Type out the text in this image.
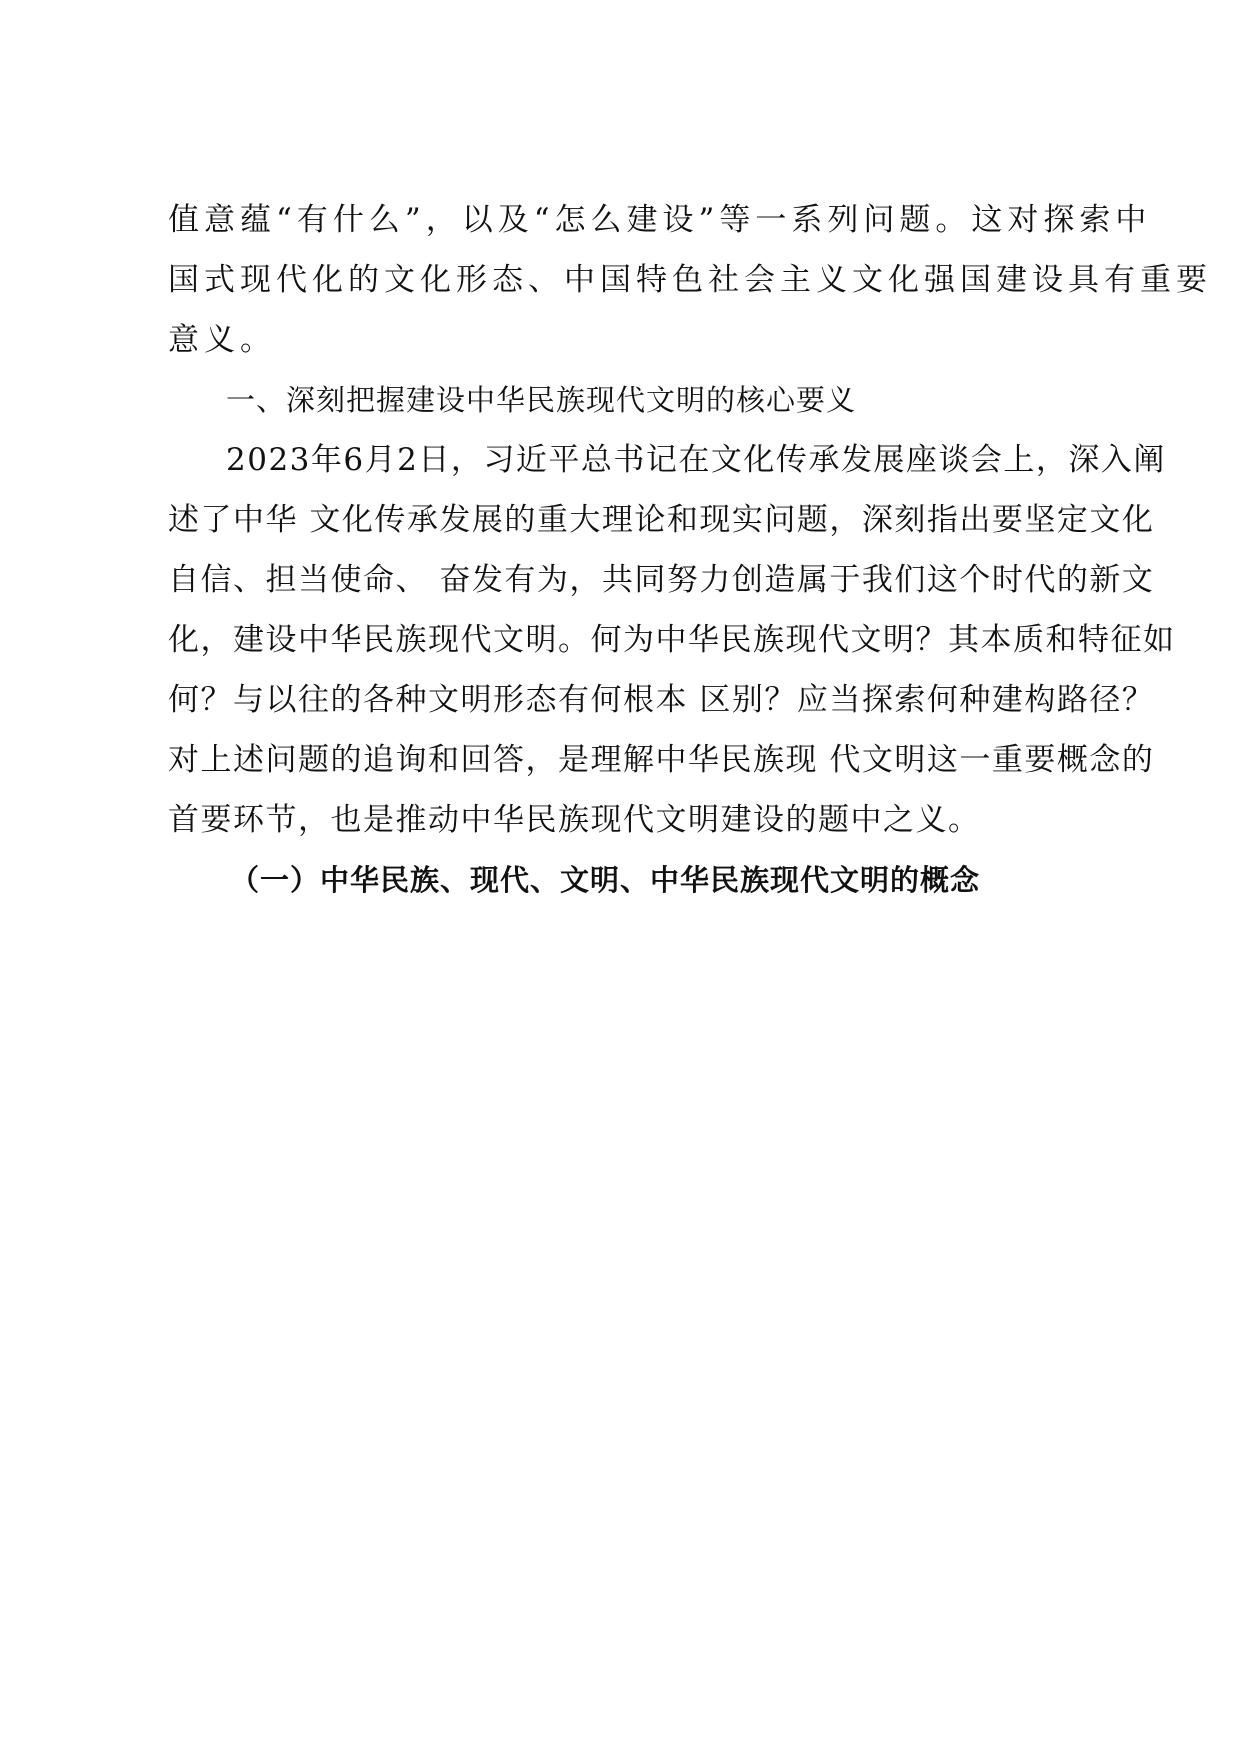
值意蕴“有什么”，以及“怎么建设”等一系列问题。这对探索中
国式现代化的文化形态、中国特色社会主义文化强国建设具有重要
意义。
一、深刻把握建设中华民族现代文明的核心要义
2023年6月2日，习近平总书记在文化传承发展座谈会上，深入阐
述了中华 文化传承发展的重大理论和现实问题，深刻指出要坚定文化
自信、担当使命、 奋发有为，共同努力创造属于我们这个时代的新文
化，建设中华民族现代文明。何为中华民族现代文明？其本质和特征如
何？与以往的各种文明形态有何根本 区别？应当探索何种建构路径？
对上述问题的追询和回答，是理解中华民族现 代文明这一重要概念的
首要环节，也是推动中华民族现代文明建设的题中之义。
（一）中华民族、现代、文明、中华民族现代文明的概念
